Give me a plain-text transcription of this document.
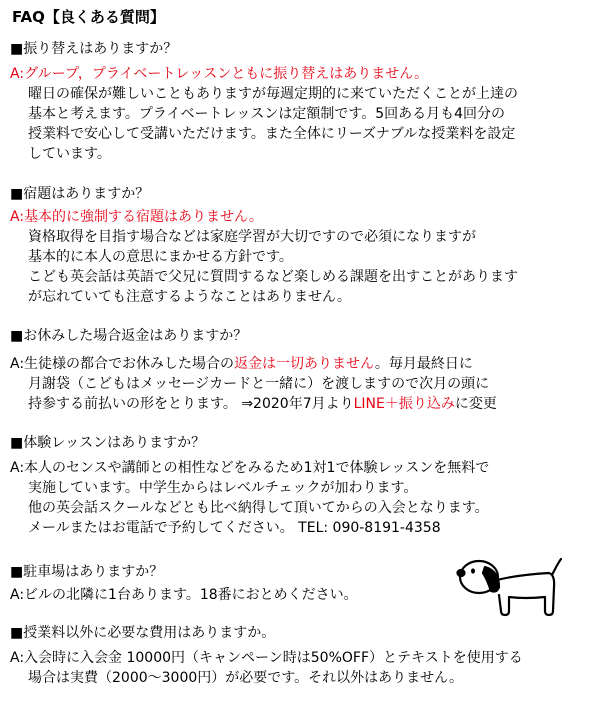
FAQ【良くある質問】
■振り替えはありますか？
A:グループ，プライベートレッスンともに振り替えはありません。
曜日の確保が難しいこともありますが毎週定期的に来ていただくことが上達の
基本と考えます。プライベートレッスンは定額制です。5回ある月も4回分の
授業料で安心して受講いただけます。また全体にリーズナブルな授業料を設定
しています。
■宿題はありますか？
A:基本的に強制する宿題はありません。
資格取得を目指す場合などは家庭学習が大切ですので必須になりますが
基本的に本人の意思にまかせる方針です。
こども英会話は英語で父兄に質問するなど楽しめる課題を出すことがあります
が忘れていても注意するようなことはありません。
■お休みした場合返金はありますか？
A:生徒様の都合でお休みした場合の返金は一切ありません。毎月最終日に
月謝袋（こどもはメッセージカードと一緒に）を渡しますので次月の頭に
持参する前払いの形をとります。 ⇒2020年7月よりLINE＋振り込みに変更
■体験レッスンはありますか？
A:本人のセンスや講師との相性などをみるため1対1で体験レッスンを無料で
実施しています。中学生からはレベルチェックが加わります。
他の英会話スクールなどとも比べ納得して頂いてからの入会となります。
メールまたはお電話で予約してください。 TEL: 090-8191-4358
■駐車場はありますか？
A:ビルの北隣に1台あります。18番におとめください。
■授業料以外に必要な費用はありますか。
A:入会時に入会金 10000円（キャンペーン時は50%OFF）とテキストを使用する
場合は実費（2000〜3000円）が必要です。それ以外はありません。
